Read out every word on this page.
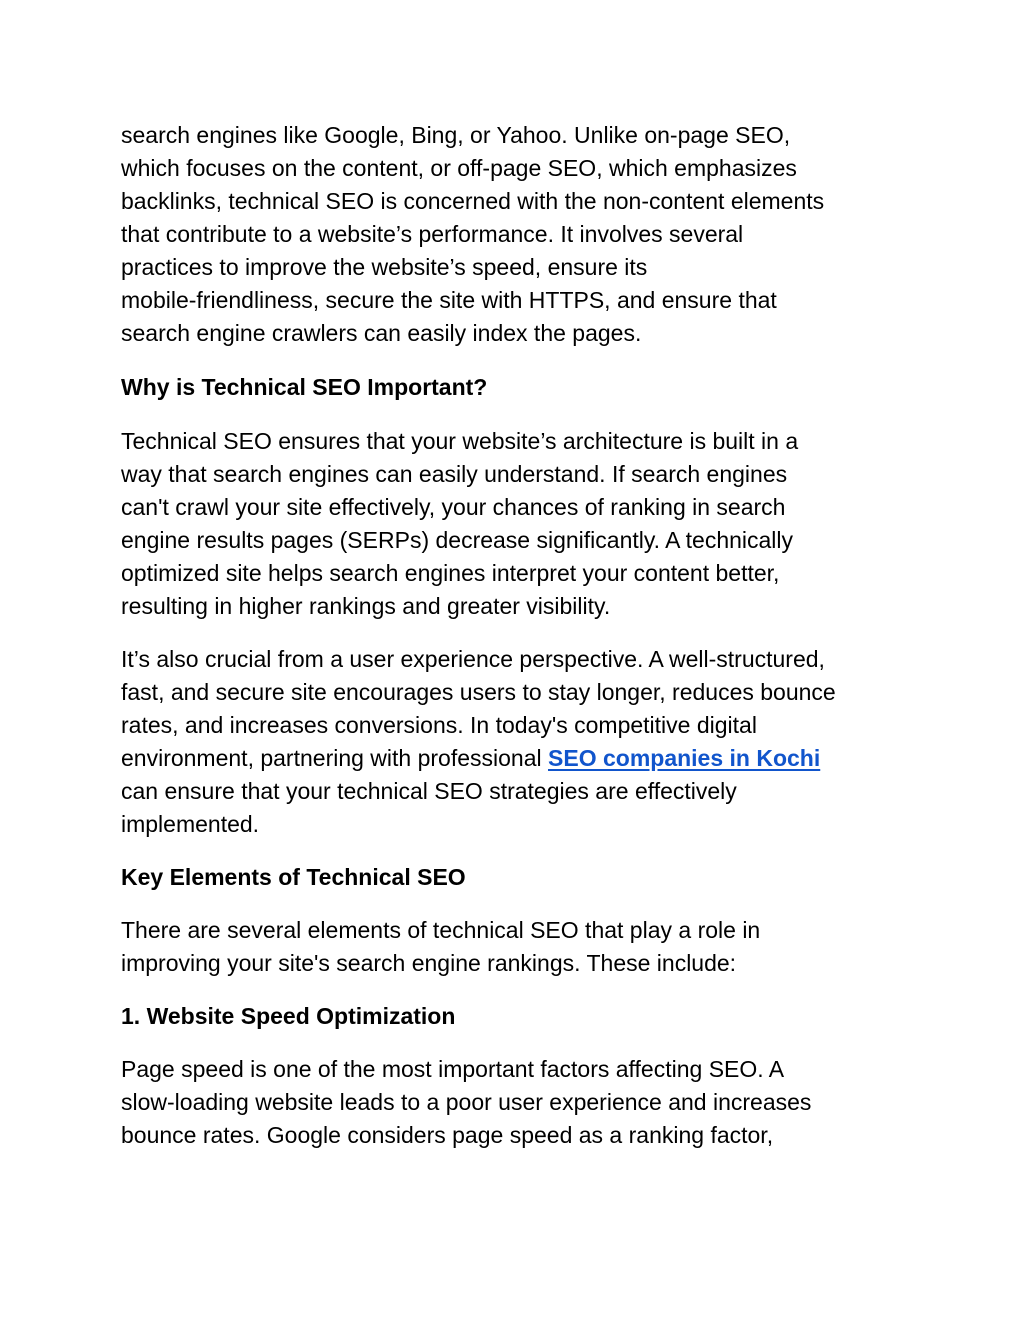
search engines like Google, Bing, or Yahoo. Unlike on-page SEO,
which focuses on the content, or off-page SEO, which emphasizes
backlinks, technical SEO is concerned with the non-content elements
that contribute to a website’s performance. It involves several
practices to improve the website’s speed, ensure its
mobile-friendliness, secure the site with HTTPS, and ensure that
search engine crawlers can easily index the pages.
Why is Technical SEO Important?
Technical SEO ensures that your website’s architecture is built in a
way that search engines can easily understand. If search engines
can't crawl your site effectively, your chances of ranking in search
engine results pages (SERPs) decrease significantly. A technically
optimized site helps search engines interpret your content better,
resulting in higher rankings and greater visibility.
It’s also crucial from a user experience perspective. A well-structured,
fast, and secure site encourages users to stay longer, reduces bounce
rates, and increases conversions. In today's competitive digital
environment, partnering with professional SEO companies in Kochi
can ensure that your technical SEO strategies are effectively
implemented.
Key Elements of Technical SEO
There are several elements of technical SEO that play a role in
improving your site's search engine rankings. These include:
1. Website Speed Optimization
Page speed is one of the most important factors affecting SEO. A
slow-loading website leads to a poor user experience and increases
bounce rates. Google considers page speed as a ranking factor,
